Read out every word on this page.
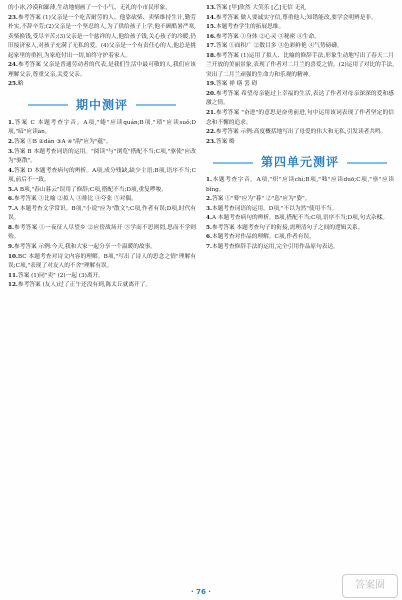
的小冰,冷漠和鄙薄,生动地刻画了一个小气、无礼的小市民形象。

23.参考答案 (1)父亲是一个吃苦耐劳的人。他靠砍柴、卖柴维持生计,勤劳朴实,不辞辛劳;(2)父亲是一个坚忍的人,为了供给孩子上学,他不顾酷暑严寒,卖柴换钱,受尽辛苦;(3)父亲是一个慈祥的人,他给孩子钱,关心孩子的冷暖,仍旧接济家人,对孩子充满了无私的爱。(4)父亲是一个有责任心的人,他总是挑起家里的重担,为家庭付出一切,始终守护着家人。

24.参考答案 父亲是普通劳动者的代表,是我们生活中最可敬的人,我们应该理解父亲,尊重父亲,关爱父亲。

25.略

期中测评

1.答案 C 本题考查字音。A项,"蜷"应读quán;B项,"琐"应读suǒ;D项,"暗"应读àn。

2.答案 ①B ②dàn ③A ④"韵"应为"蕴"。

3.答案 B 本题考查词语的运用。"阅读"与"浏览"搭配不当;C项,"驱使"应改为"驱散"。

4.答案 D 本题考查病句的辨析。A项,成分残缺,缺少主语;B项,语序不当;C项,前后不一致。

5.A B项,"春山暮云"误用了修辞;C项,搭配不当;D项,重复啰唆。

6.参考答案 ①比喻 ②拟人 ③排比 ④夸张 ⑤对偶。

7.A 本题考查文学常识。B项,"小说"应为"散文";C项,作者有误;D项,时代有误。

8.参考答案 ①一夜征人尽望乡 ②应傍战场开 ③学而不思则罔,思而不学则殆。

9.参考答案 示例:今天,我和大家一起分享一个温暖的故事。

10.BC 本题考查对诗文内容的理解。B项,"写出了诗人的思念之情"理解有误;C项,"表现了对友人的不舍"理解有误。

11.答案 (1)同"卖" (2)一起 (3)离开。

12.参考答案 (友人)过了正午还没有到,陈太丘就离开了。

13.答案 [甲]欣然 大笑乐 [乙]无信 无礼

14.参考答案 做人要诚实守信,尊重他人;知错能改,要学会明辨是非。

15.本题考查学生的拓展思维。

16.参考答案 ①身体 ②心灵 ③秘密 ④生命。

17.答案 ①面积广 ②数目多 ③色彩鲜艳 ④气势磅礴。

18.参考答案 (1)运用了拟人、比喻的修辞手法,形象生动地写出了春天二月兰开放的美丽景象,表现了作者对二月兰的喜爱之情。(2)运用了对比的手法,突出了二月兰顽强的生命力和乐观的精神。

19.答案 禅 缮 罢 碍

20.参考答案 希望母亲能过上幸福的生活,表达了作者对母亲深深的爱和感激之情。

21.参考答案 "奋进"的意思是奋勇前进,句中运用该词表现了作者坚定的信念和不懈的追求。

22.参考答案 示例:高度概括地写出了母爱的伟大和无私,引发读者共鸣。

23.答案 略

第四单元测评

1.本题考查字音。A项,"炽"应读chì;B项,"咄"应读duō;C项,"禀"应读bǐng。

2.答案 ①"蓦"应为"暮" ②"恣"应为"姿"。

3.本题考查词语的运用。D项,"不以为然"使用不当。

4.A 本题考查病句的辨析。B项,搭配不当;C项,语序不当;D项,句式杂糅。

5.参考答案 本题考查句子的衔接,需理清句子之间的逻辑关系。

6.本题考查对作品的理解。C项,作者有误。

7.本题考查修辞手法的运用,完全引用作品原句表达。

· 76 ·
答案圈
